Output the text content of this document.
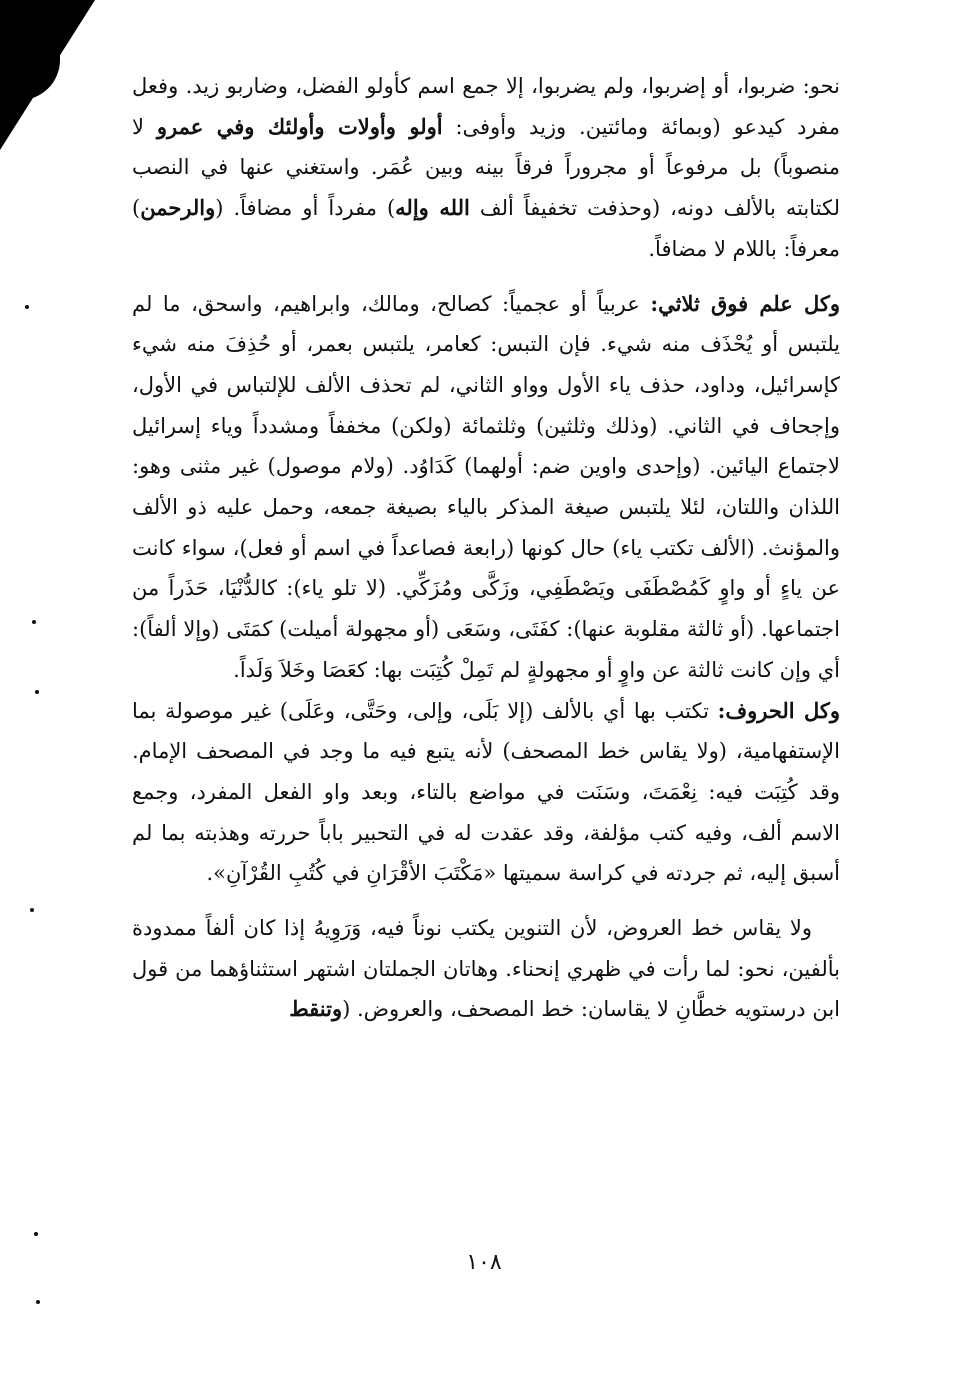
نحو: ضربوا، أو إضربوا، ولم يضربوا، إلا جمع اسم كأولو الفضل، وضاربو زيد. وفعل مفرد كيدعو (وبمائة ومائتين. وزيد وأوفى: أولو وأولات وأولئك وفي عمرو لا منصوباً) بل مرفوعاً أو مجروراً فرقاً بينه وبين عُمَر. واستغني عنها في النصب لكتابته بالألف دونه، (وحذفت تخفيفاً ألف الله وإله) مفرداً أو مضافاً. (والرحمن) معرفاً: باللام لا مضافاً.

وكل علم فوق ثلاثي: عربياً أو عجمياً: كصالح، ومالك، وابراهيم، واسحق، ما لم يلتبس أو يُحْذَف منه شيء. فإن التبس: كعامر، يلتبس بعمر، أو حُذِفَ منه شيء كإسرائيل، وداود، حذف ياء الأول وواو الثاني، لم تحذف الألف للإلتباس في الأول، وإجحاف في الثاني. (وذلك وثلثين) وثلثمائة (ولكن) مخففاً ومشدداً وياء إسرائيل لاجتماع اليائين. (وإحدى واوين ضم: أولهما) كَدَاوُد. (ولام موصول) غير مثنى وهو: اللذان واللتان، لئلا يلتبس صيغة المذكر بالياء بصيغة جمعه، وحمل عليه ذو الألف والمؤنث. (الألف تكتب ياء) حال كونها (رابعة فصاعداً في اسم أو فعل)، سواء كانت عن ياءٍ أو واوٍ كَمُصْطَفَى ويَصْطَفِي، وزَكَّى ومُزَكِّي. (لا تلو ياء): كالدُّنْيَا، حَذَراً من اجتماعها. (أو ثالثة مقلوبة عنها): كفَتَى، وسَعَى (أو مجهولة أميلت) كمَتَى (وإلا ألفاً): أي وإن كانت ثالثة عن واوٍ أو مجهولةٍ لم تَمِلْ كُتِبَت بها: كعَصَا وخَلاَ وَلَداً.

وكل الحروف: تكتب بها أي بالألف (إلا بَلَى، وإلى، وحَتَّى، وعَلَى) غير موصولة بما الإستفهامية، (ولا يقاس خط المصحف) لأنه يتبع فيه ما وجد في المصحف الإمام. وقد كُتِبَت فيه: نِعْمَتَ، وسَنَت في مواضع بالتاء، وبعد واو الفعل المفرد، وجمع الاسم ألف، وفيه كتب مؤلفة، وقد عقدت له في التحبير باباً حررته وهذبته بما لم أسبق إليه، ثم جردته في كراسة سميتها «مَكْتَبَ الأقْرَانِ في كُتُبِ القُرْآنِ».

ولا يقاس خط العروض، لأن التنوين يكتب نوناً فيه، وَرَوِيهُ إذا كان ألفاً ممدودة بألفين، نحو: لما رأت في ظهري إنحناء. وهاتان الجملتان اشتهر استثناؤهما من قول ابن درستويه خطَّانِ لا يقاسان: خط المصحف، والعروض. (وتنقط

١٠٨
